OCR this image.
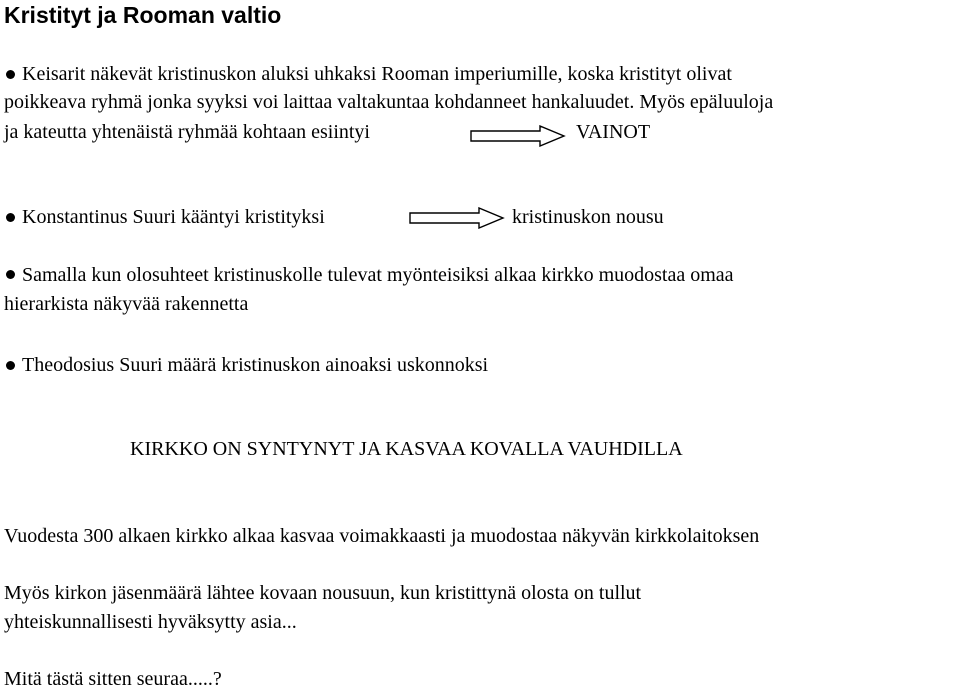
Kristityt ja Rooman valtio
Keisarit näkevät kristinuskon aluksi uhkaksi Rooman imperiumille, koska kristityt olivat
poikkeava ryhmä jonka syyksi voi laittaa valtakuntaa kohdanneet hankaluudet. Myös epäluuloja
ja kateutta yhtenäistä ryhmää kohtaan esiintyi	VAINOT
Konstantinus Suuri kääntyi kristityksi	kristinuskon nousu
Samalla kun olosuhteet kristinuskolle tulevat myönteisiksi alkaa kirkko muodostaa omaa
hierarkista näkyvää rakennetta
Theodosius Suuri määrä kristinuskon ainoaksi uskonnoksi
KIRKKO ON SYNTYNYT JA KASVAA KOVALLA VAUHDILLA
Vuodesta 300 alkaen kirkko alkaa kasvaa voimakkaasti ja muodostaa näkyvän kirkkolaitoksen
Myös kirkon jäsenmäärä lähtee kovaan nousuun, kun kristittynä olosta on tullut
yhteiskunnallisesti hyväksytty asia...
Mitä tästä sitten seuraa.....?
